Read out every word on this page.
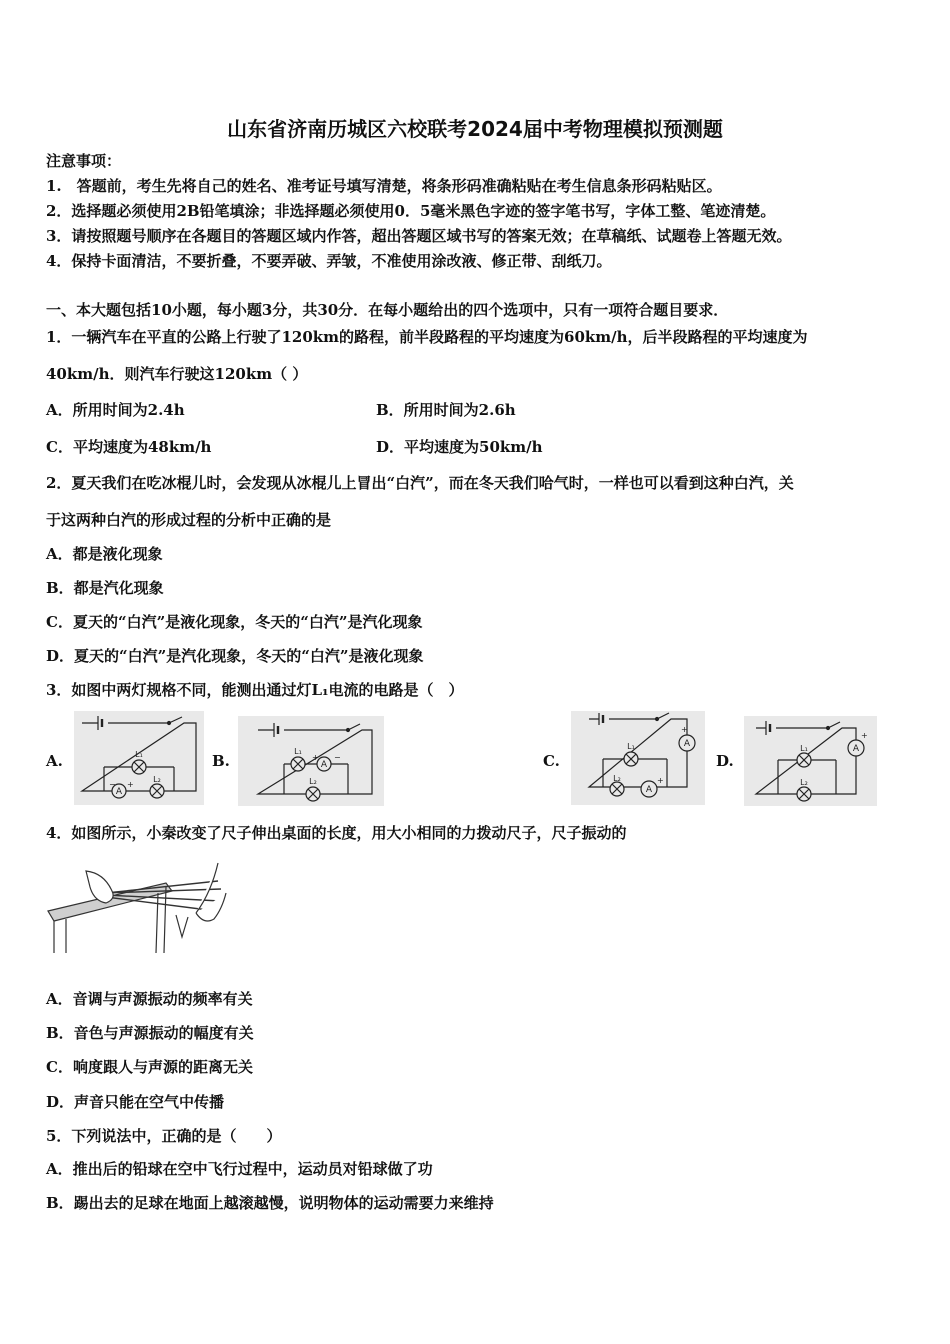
山东省济南历城区六校联考2024届中考物理模拟预测题
注意事项：
1.　答题前，考生先将自己的姓名、准考证号填写清楚，将条形码准确粘贴在考生信息条形码粘贴区。
2．选择题必须使用2B铅笔填涂；非选择题必须使用0．5毫米黑色字迹的签字笔书写，字体工整、笔迹清楚。
3．请按照题号顺序在各题目的答题区域内作答，超出答题区域书写的答案无效；在草稿纸、试题卷上答题无效。
4．保持卡面清洁，不要折叠，不要弄破、弄皱，不准使用涂改液、修正带、刮纸刀。
一、本大题包括10小题，每小题3分，共30分．在每小题给出的四个选项中，只有一项符合题目要求．
1．一辆汽车在平直的公路上行驶了120km的路程，前半段路程的平均速度为60km/h，后半段路程的平均速度为
40km/h．则汽车行驶这120km（ ）
A．所用时间为2.4h	B．所用时间为2.6h
C．平均速度为48km/h	D．平均速度为50km/h
2．夏天我们在吃冰棍儿时，会发现从冰棍儿上冒出“白汽”，而在冬天我们哈气时，一样也可以看到这种白汽，关
于这两种白汽的形成过程的分析中正确的是
A．都是液化现象
B．都是汽化现象
C．夏天的“白汽”是液化现象，冬天的“白汽”是汽化现象
D．夏天的“白汽”是汽化现象，冬天的“白汽”是液化现象
3．如图中两灯规格不同，能测出通过灯L₁电流的电路是（　）
A.	B.	C.	D.
L₁
L₂
A
− +
L₁
L₂
A
+ −
L₁
L₂
A
A
+
+
L₁
L₂
A
+
4．如图所示，小秦改变了尺子伸出桌面的长度，用大小相同的力拨动尺子，尺子振动的
A．音调与声源振动的频率有关
B．音色与声源振动的幅度有关
C．响度跟人与声源的距离无关
D．声音只能在空气中传播
5．下列说法中，正确的是（　　）
A．推出后的铅球在空中飞行过程中，运动员对铅球做了功
B．踢出去的足球在地面上越滚越慢，说明物体的运动需要力来维持
